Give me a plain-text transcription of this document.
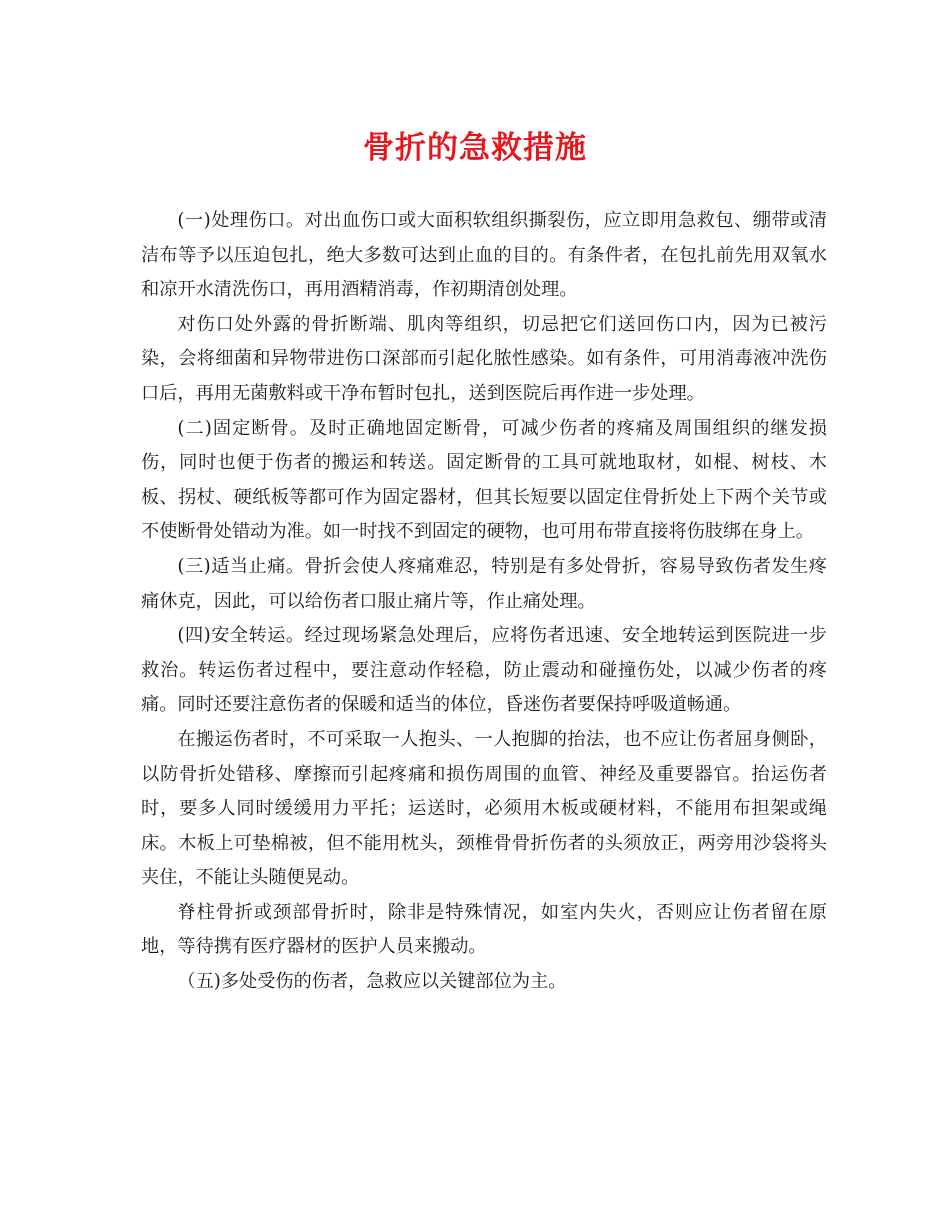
骨折的急救措施

(一)处理伤口。对出血伤口或大面积软组织撕裂伤，应立即用急救包、绷带或清洁布等予以压迫包扎，绝大多数可达到止血的目的。有条件者，在包扎前先用双氧水和凉开水清洗伤口，再用酒精消毒，作初期清创处理。

对伤口处外露的骨折断端、肌肉等组织，切忌把它们送回伤口内，因为已被污染，会将细菌和异物带进伤口深部而引起化脓性感染。如有条件，可用消毒液冲洗伤口后，再用无菌敷料或干净布暂时包扎，送到医院后再作进一步处理。

(二)固定断骨。及时正确地固定断骨，可减少伤者的疼痛及周围组织的继发损伤，同时也便于伤者的搬运和转送。固定断骨的工具可就地取材，如棍、树枝、木板、拐杖、硬纸板等都可作为固定器材，但其长短要以固定住骨折处上下两个关节或不使断骨处错动为准。如一时找不到固定的硬物，也可用布带直接将伤肢绑在身上。

(三)适当止痛。骨折会使人疼痛难忍，特别是有多处骨折，容易导致伤者发生疼痛休克，因此，可以给伤者口服止痛片等，作止痛处理。

(四)安全转运。经过现场紧急处理后，应将伤者迅速、安全地转运到医院进一步救治。转运伤者过程中，要注意动作轻稳，防止震动和碰撞伤处，以减少伤者的疼痛。同时还要注意伤者的保暖和适当的体位，昏迷伤者要保持呼吸道畅通。

在搬运伤者时，不可采取一人抱头、一人抱脚的抬法，也不应让伤者屈身侧卧，以防骨折处错移、摩擦而引起疼痛和损伤周围的血管、神经及重要器官。抬运伤者时，要多人同时缓缓用力平托；运送时，必须用木板或硬材料，不能用布担架或绳床。木板上可垫棉被，但不能用枕头，颈椎骨骨折伤者的头须放正，两旁用沙袋将头夹住，不能让头随便晃动。

脊柱骨折或颈部骨折时，除非是特殊情况，如室内失火，否则应让伤者留在原地，等待携有医疗器材的医护人员来搬动。

（五)多处受伤的伤者，急救应以关键部位为主。
